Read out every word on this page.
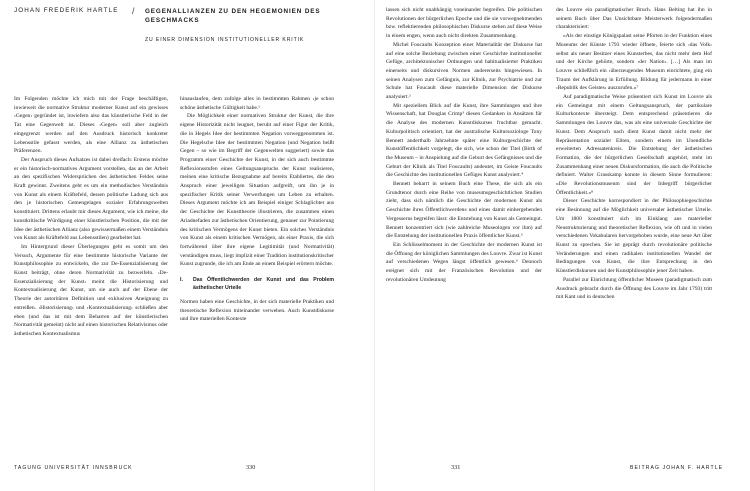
JOHAN FREDERIK HARTLE / GEGENALLIANZEN ZU DEN HEGEMONIEN DES GESCHMACKS
ZU EINER DIMENSION INSTITUTIONELLER KRITIK

Im Folgenden möchte ich mich mit der Frage beschäftigen, inwieweit die normative Struktur moderner Kunst auf ein gewisses ›Gegen‹ gegründet ist, inwiefern also das künstlerische Feld in der Tat eine Gegenwelt ist. Dieses ›Gegen‹ soll aber zugleich eingegrenzt werden auf den Ausdruck historisch konkreter Lebensstile gefasst werden, als eine Allianz zu ästhetischen Präferenzen.

Der Anspruch dieses Aufsatzes ist dabei dreifach: Erstens möchte er ein historisch-normatives Argument vorstellen, das an der Arbeit an den spezifischen Widersprüchen des ästhetischen Feldes seine Kraft gewinnt. Zweitens geht es um ein methodisches Verständnis von Kunst als einem Kräftefeld, dessen politische Ladung sich aus den je historischen Gemengelagen sozialer Erfahrungswelten konstituiert. Drittens erlaubt mir dieses Argument, wie ich meine, die kunstkritische Würdigung einer künstlerischen Position, die mit der Idee der ästhetischen Allianz (also gewissermaßen einem Verständnis von Kunst als Kräftefeld aus Lebensstilen) gearbeitet hat.

Im Hintergrund dieser Überlegungen geht es somit um den Versuch, Argumente für eine bestimmte historische Variante der Kunstphilosophie zu entwickeln, die zur De-Essenzialisierung der Kunst beiträgt, ohne deren Normativität zu bezweifeln. ›De-Essenzialisierung der Kunst‹ meint die Historisierung und Kontextualisierung der Kunst, um sie auch auf der Ebene der Theorie der autoritären Definition und exklusiven Aneignung zu entreißen. ›Historisierung‹ und ›Kontextualisierung‹ schließen aber eben (und das ist mit dem Beharren auf der künstlerischen Normativität gemeint) nicht auf einen historischen Relativismus oder ästhetischen Kontextualismus

hinauslaufen, dem zufolge alles in bestimmten Rahmen ›je schon schöne ästhetische Gültigkeit habe.¹

Die Möglichkeit einer normativen Struktur der Kunst, die ihre eigene Historizität nicht leugnet, beruht auf einer Figur der Kritik, die in Hegels Idee der bestimmten Negation vorweggenommen ist. Die Hegelsche Idee der bestimmten Negation (und Negation heißt Gegen – so wie im Begriff der Gegenwelten suggeriert) sowie das Programm einer Geschichte der Kunst, in der sich auch bestimmte Reflexionsstufen eines Geltungsanspruchs der Kunst realisieren, meinen eine kritische Bezugnahme auf bereits Etabliertes, die den Anspruch einer jeweiligen Situation aufgreift, um ihn je in spezifischer Kritik seiner Verwerfungen um Leben zu erhalten. Dieses Argument möchte ich am Beispiel einiger Schlaglichter aus der Geschichte der Kunsttheorie illustrieren, die zusammen einen Ariadnefaden zur ästhetischen Orientierung, genauer zur Pointierung des kritischen Vermögens der Kunst bieten. Ein solches Verständnis von Kunst als einem kritischen Vermögen, als einer Praxis, die sich fortwährend über ihre eigene Legitimität (und Normativität) verständigen muss, liegt implizit einer Tradition institutionskritischer Kunst zugrunde, die ich am Ende an einem Beispiel erörtern möchte.

I.	Das Öffentlichwerden der Kunst und das Problem ästhetischer Urteile

Normen haben eine Geschichte, in der sich materielle Praktiken und theoretische Reflexion miteinander verweben. Auch Kunstdiskurse und ihre materiellen Kontexte

TAGUNG UNIVERSITÄT INNSBRUCK	330

lassen sich nicht unabhängig voneinander begreifen. Die politischen Revolutionen der bürgerlichen Epoche und die sie vorwegnehmenden bzw. reflektierenden philosophischen Diskurse stehen auf diese Weise in einem engen, wenn auch nicht direkten Zusammenhang.

Michel Foucaults Konzeption einer Materialität der Diskurse hat auf eine solche Beziehung zwischen einer Geschichte institutioneller Gefüge, architektonischer Ordnungen und habitualisierter Praktiken einerseits und diskursiven Normen andererseits hingewiesen. In seinen Analysen zum Gefängnis, zur Klinik, zur Psychiatrie und zur Schule hat Foucault diese materielle Dimension der Diskurse analysiert.²

Mit speziellem Blick auf die Kunst, ihre Sammlungen und ihre Wissenschaft, hat Douglas Crimp³ diesen Gedanken in Ansätzen für die Analyse des modernen Kunstdiskurses fruchtbar gemacht. Kulturpolitisch orientiert, hat der australische Kultursoziologe Tony Bennett anderthalb Jahrzehnte später eine Kulturgeschichte der Kunstöffentlichkeit vorgelegt, die sich, wie schon der Titel (Birth of the Museum – in Anspielung auf die Geburt des Gefängnisses und die Geburt der Klinik als Titel Foucaults) andeutet, im Geiste Foucaults die Geschichte des institutionellen Gefüges Kunst analysiert.⁴

Bennett beharrt in seinem Buch eine These, die sich als ein Grundtenor durch eine Reihe von museumsgeschichtlichen Studien zieht, dass sich nämlich die Geschichte der modernen Kunst als Geschichte ihres Öffentlichwerdens und eines damit einhergehenden Vergesserns begreifen lässt: die Entstehung von Kunst als Gemeingut. Bennett konzentriert sich (wie zahlreiche Museologen vor ihm) auf die Entstehung der institutionellen Praxis öffentlicher Kunst.⁵

Ein Schlüsselmoment in der Geschichte der modernen Kunst ist die Öffnung der königlichen Sammlungen des Louvre. Zwar ist Kunst auf verschiedenen Wegen längst öffentlich gewesen.⁶ Dennoch ereignet sich mit der Französischen Revolution und der revolutionären Umdeutung

des Louvre ein paradigmatischer Bruch. Hans Belting hat ihn in seinem Buch über Das Unsichtbare Meisterwerk folgendermaßen charakterisiert:

»Als der einstige Königspalast seine Pforten in der Funktion eines Museums der Künste 1793 wieder öffnete, feierte sich ›das Volk‹ selbst als neuer Besitzer eines Kunsterbes, das nicht mehr dem Hof und der Kirche gehörte, sondern ›der Nation‹. […] Als man im Louvre schließlich ein ›überzeugendes Museum einrichtete, ging ein Traum der Aufklärung in Erfüllung. Bildung für jedermann in einer ›Republik des Geistes‹ auszurufen.«⁷

Auf paradigmatische Weise präsentiert sich Kunst im Louvre als ein Gemeingut mit einem Geltungsanspruch, der partikulare Kulturkontexte übersteigt. Dem entsprechend präsentieren die Sammlungen des Louvre das, was als eine universale Geschichte der Kunst. Dem Anspruch nach dient Kunst damit nicht mehr der Repräsentation sozialer Eliten, sondern einem im Unendliche erweiterten Adressatenkreis. Die Entstehung der ästhetischen Formation, die der bürgerlichen Gesellschaft angehört, steht im Zusammenhang einer neuen Diskursformation, die auch die Politische definiert. Walter Grasskamp konnte in diesem Sinne formulieren: »Die Revolutionsmuseum sind der Inbegriff bürgerlicher Öffentlichkeit.«⁸

Dieser Geschichte korrespondiert in der Philosophiegeschichte eine Besinnung auf die Möglichkeit universaler ästhetischer Urteile. Um 1800 konstituiert sich im Einklang aus materieller Neustrukturierung und theoretischer Reflexion, wie oft und in vielen verschiedenen Vokabularen hervorgehoben wurde, eine neue Art über Kunst zu sprechen. Sie ist geprägt durch revolutionäre politische Veränderungen und einen radikalen institutionellen Wandel der Bedingungen von Kunst, die ihre Entsprechung in den Künstlerdiskursen und der Kunstphilosophie jener Zeit haben.

Parallel zur Einrichtung öffentlicher Museen (paradigmatisch zum Ausdruck gebracht durch die Öffnung des Louvre im Jahr 1793) tritt mit Kant und in deutschen

331	BEITRAG JOHAN F. HARTLE
